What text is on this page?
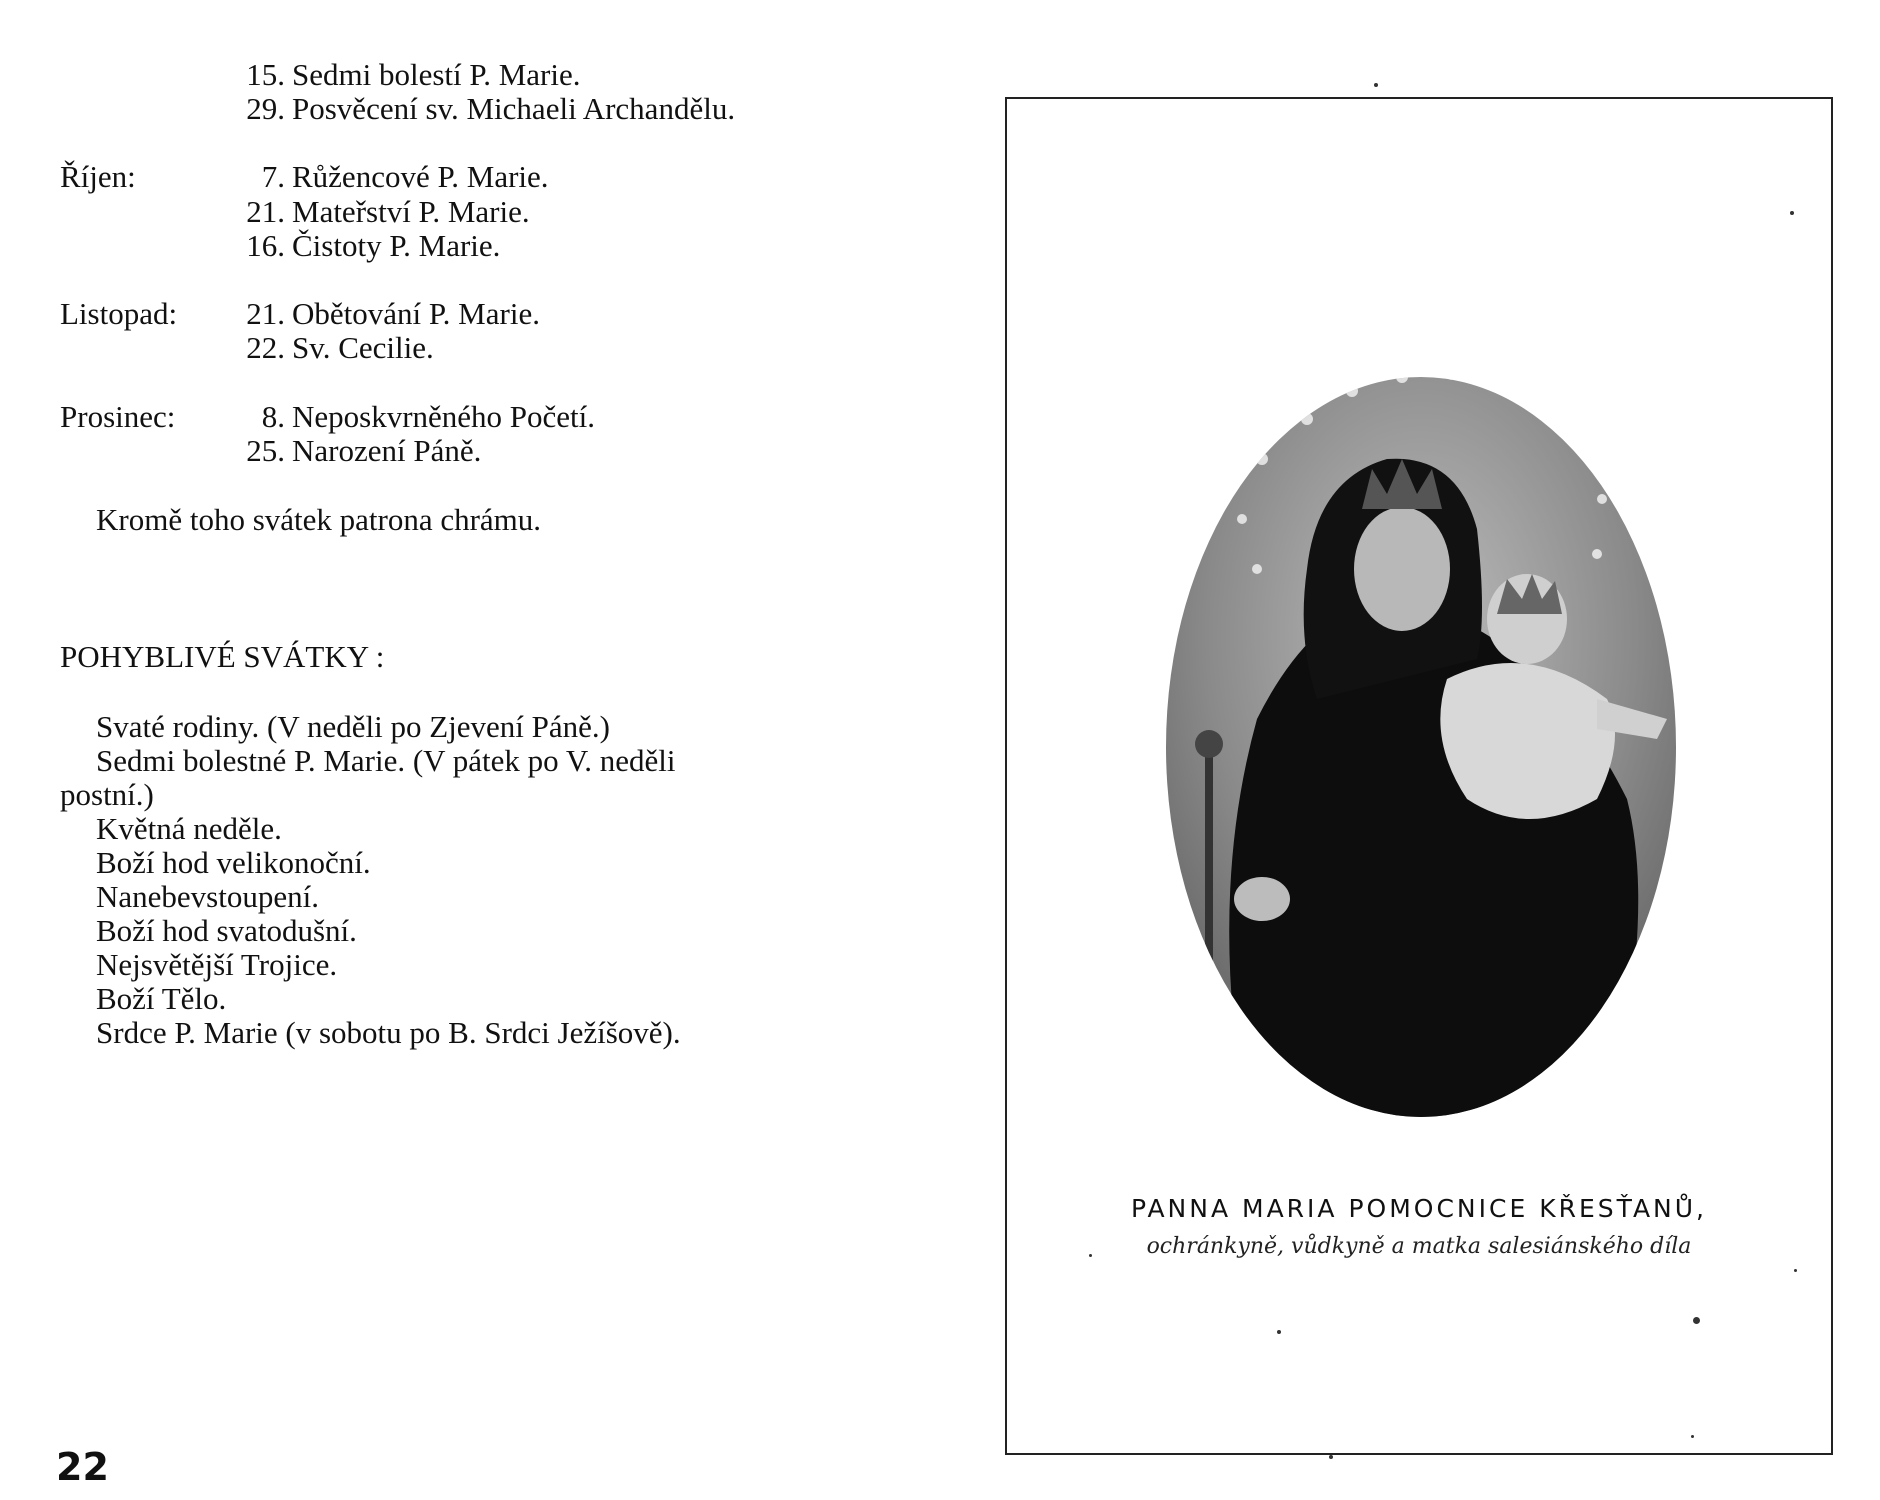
15. Sedmi bolestí P. Marie.
29. Posvěcení sv. Michaeli Archandělu.
Říjen:	7. Růžencové P. Marie.
21. Mateřství P. Marie.
16. Čistoty P. Marie.
Listopad:	21. Obětování P. Marie.
22. Sv. Cecilie.
Prosinec:	8. Neposkvrněného Početí.
25. Narození Páně.
Kromě toho svátek patrona chrámu.
POHYBLIVÉ SVÁTKY :
Svaté rodiny. (V neděli po Zjevení Páně.)
Sedmi bolestné P. Marie. (V pátek po V. neděli
postní.)
Květná neděle.
Boží hod velikonoční.
Nanebevstoupení.
Boží hod svatodušní.
Nejsvětější Trojice.
Boží Tělo.
Srdce P. Marie (v sobotu po B. Srdci Ježíšově).
22
PANNA MARIA POMOCNICE KŘESŤANŮ,
ochránkyně, vůdkyně a matka salesiánského díla
